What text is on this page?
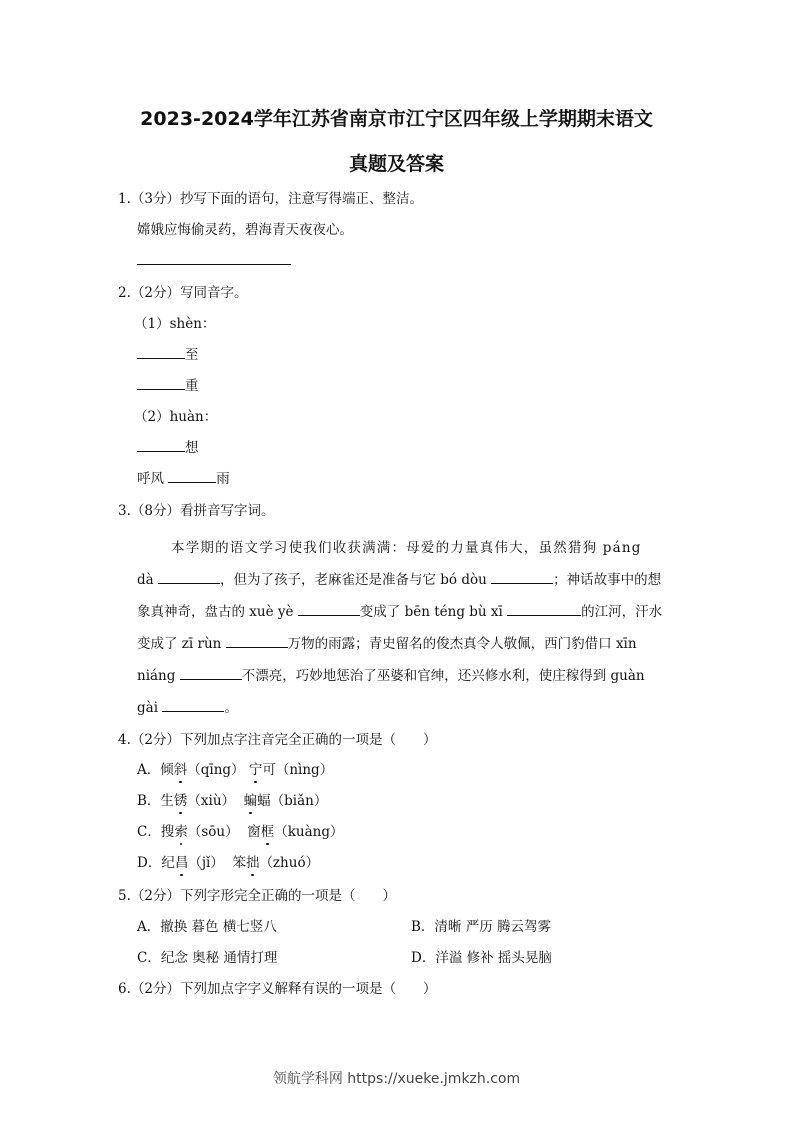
2023-2024学年江苏省南京市江宁区四年级上学期期末语文
真题及答案
1.（3分）抄写下面的语句，注意写得端正、整洁。
嫦娥应悔偷灵药，碧海青天夜夜心。
2.（2分）写同音字。
（1）shèn：
至
重
（2）huàn：
想
呼风	雨
3.（8分）看拼音写字词。
本学期的语文学习使我们收获满满：母爱的力量真伟大，虽然猎狗 páng
dà	，但为了孩子，老麻雀还是准备与它 bó dòu	；神话故事中的想
象真神奇，盘古的 xuè yè	变成了 bēn téng bù xī	的江河，汗水
变成了 zī rùn	万物的雨露；青史留名的俊杰真令人敬佩，西门豹借口 xīn
niáng	不漂亮，巧妙地惩治了巫婆和官绅，还兴修水利，使庄稼得到 guàn
gài	。
4.（2分）下列加点字注音完全正确的一项是（　　）
A．倾斜（qīng） 宁可（nìng）
B．生锈（xiù） 蝙蝠（biǎn）
C．搜索（sōu） 窗框（kuàng）
D．纪昌（jǐ） 笨拙（zhuó）
5.（2分）下列字形完全正确的一项是（　　）
A．撤换 暮色 横七竖八	B．清晰 严历 腾云驾雾
C．纪念 奥秘 通情打理	D．洋溢 修补 摇头晃脑
6.（2分）下列加点字字义解释有误的一项是（　　）
领航学科网 https://xueke.jmkzh.com
